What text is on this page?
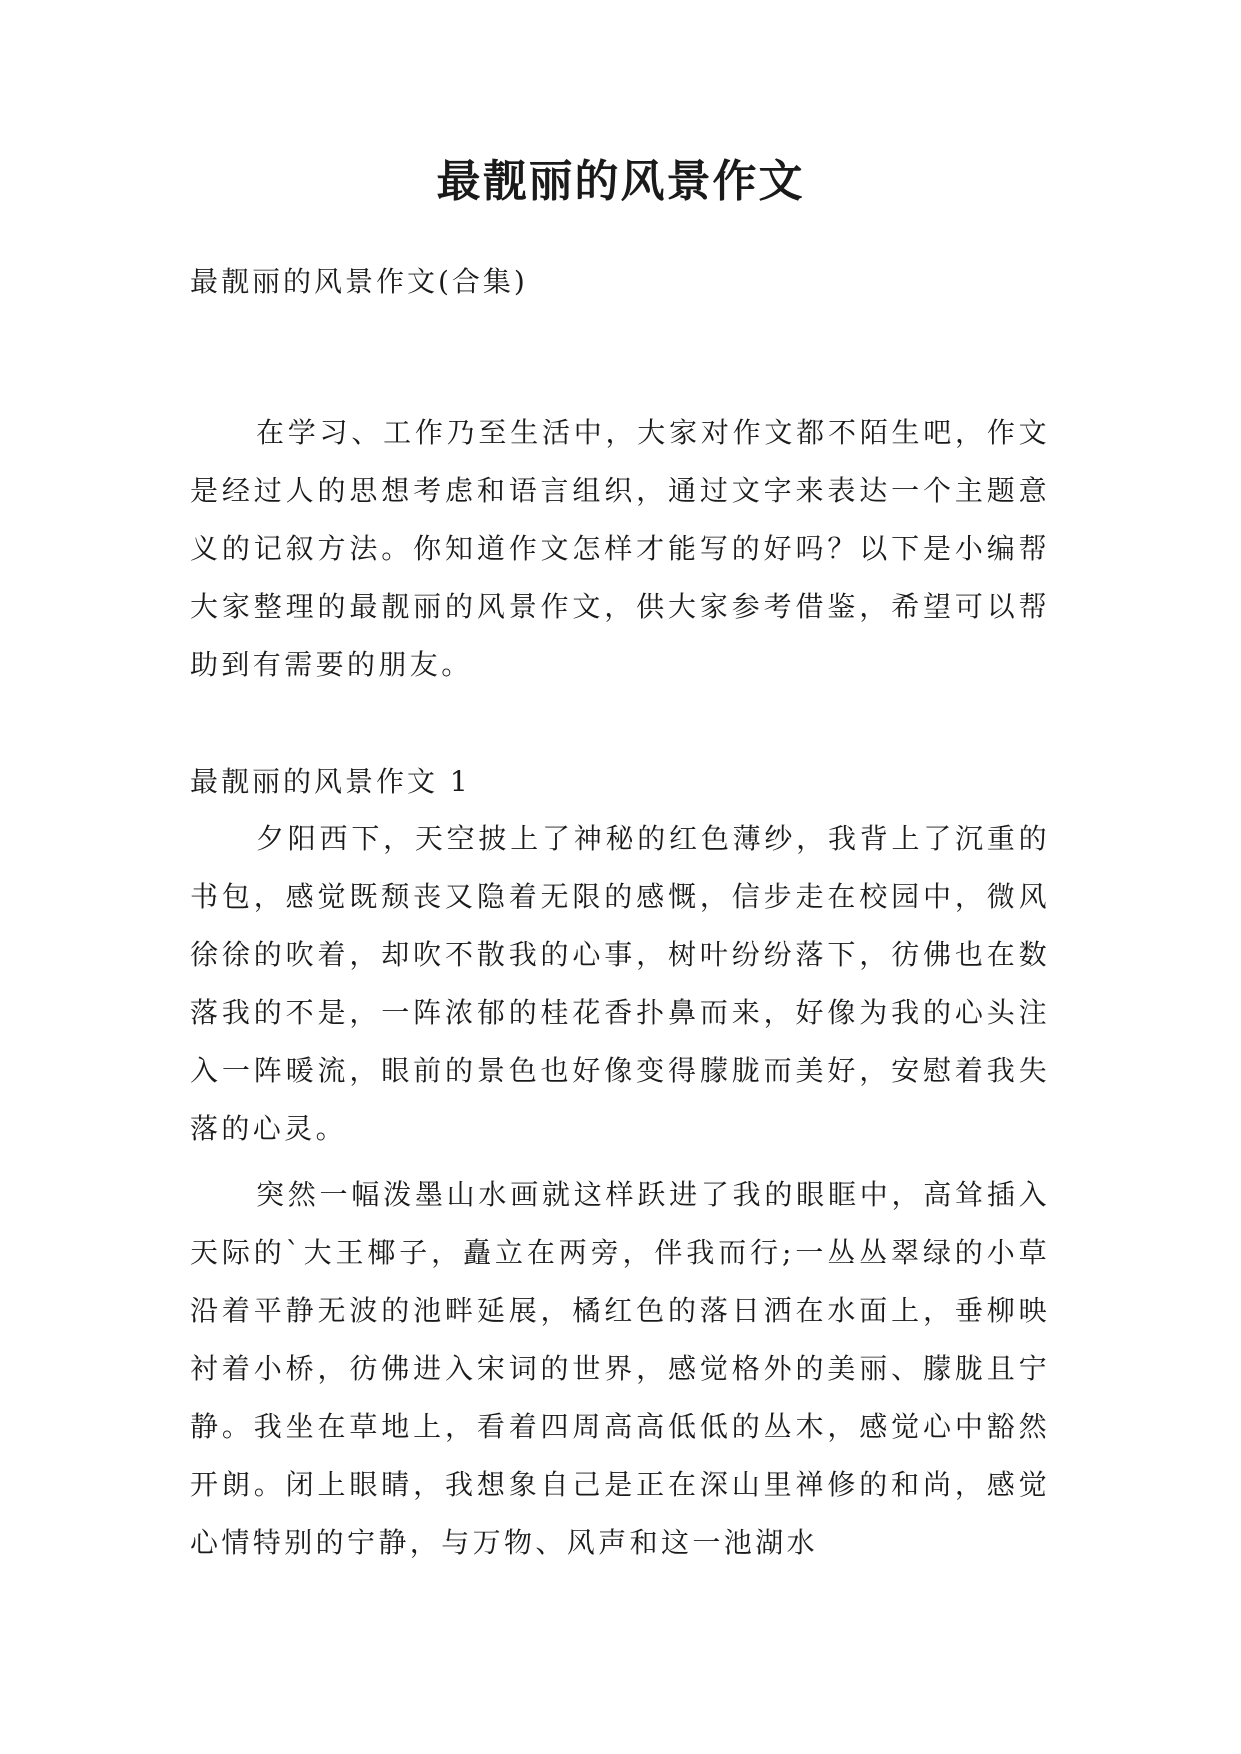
最靓丽的风景作文

最靓丽的风景作文(合集)

在学习、工作乃至生活中，大家对作文都不陌生吧，作文是经过人的思想考虑和语言组织，通过文字来表达一个主题意义的记叙方法。你知道作文怎样才能写的好吗？以下是小编帮大家整理的最靓丽的风景作文，供大家参考借鉴，希望可以帮助到有需要的朋友。

最靓丽的风景作文 1

夕阳西下，天空披上了神秘的红色薄纱，我背上了沉重的书包，感觉既颓丧又隐着无限的感慨，信步走在校园中，微风徐徐的吹着，却吹不散我的心事，树叶纷纷落下，彷佛也在数落我的不是，一阵浓郁的桂花香扑鼻而来，好像为我的心头注入一阵暖流，眼前的景色也好像变得朦胧而美好，安慰着我失落的心灵。

突然一幅泼墨山水画就这样跃进了我的眼眶中，高耸插入天际的`大王椰子，矗立在两旁，伴我而行;一丛丛翠绿的小草沿着平静无波的池畔延展，橘红色的落日洒在水面上，垂柳映衬着小桥，彷佛进入宋词的世界，感觉格外的美丽、朦胧且宁静。我坐在草地上，看着四周高高低低的丛木，感觉心中豁然开朗。闭上眼睛，我想象自己是正在深山里禅修的和尚，感觉心情特别的宁静，与万物、风声和这一池湖水
